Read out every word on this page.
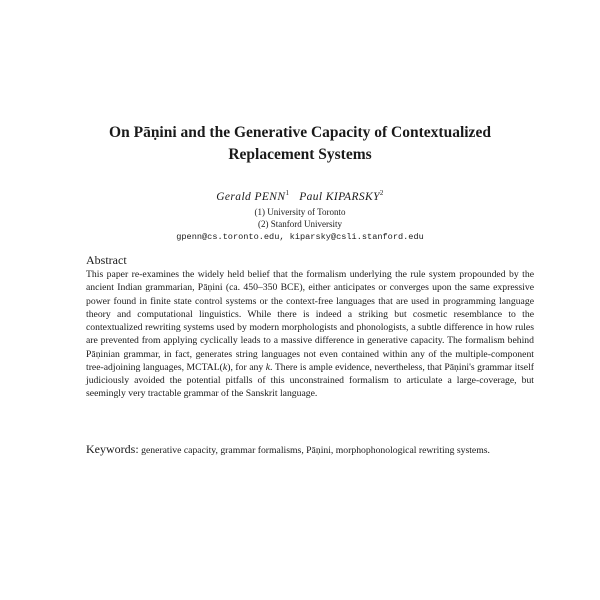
On Pāṇini and the Generative Capacity of Contextualized
Replacement Systems
Gerald PENN$^1$ Paul KIPARSKY$^2$
(1) University of Toronto
(2) Stanford University
gpenn@cs.toronto.edu, kiparsky@csli.stanford.edu
Abstract

This paper re-examines the widely held belief that the formalism underlying the rule system propounded by the ancient Indian grammarian, Pāṇini (ca. 450–350 BCE), either anticipates or converges upon the same expressive power found in finite state control systems or the context-free languages that are used in programming language theory and computational linguistics. While there is indeed a striking but cosmetic resemblance to the contextualized rewriting systems used by modern morphologists and phonologists, a subtle difference in how rules are prevented from applying cyclically leads to a massive difference in generative capacity. The formalism behind Pāṇinian grammar, in fact, generates string languages not even contained within any of the multiple-component tree-adjoining languages, MCTAL(k), for any k. There is ample evidence, nevertheless, that Pāṇini's grammar itself judiciously avoided the potential pitfalls of this unconstrained formalism to articulate a large-coverage, but seemingly very tractable grammar of the Sanskrit language.

Keywords: generative capacity, grammar formalisms, Pāṇini, morphophonological rewriting systems.
